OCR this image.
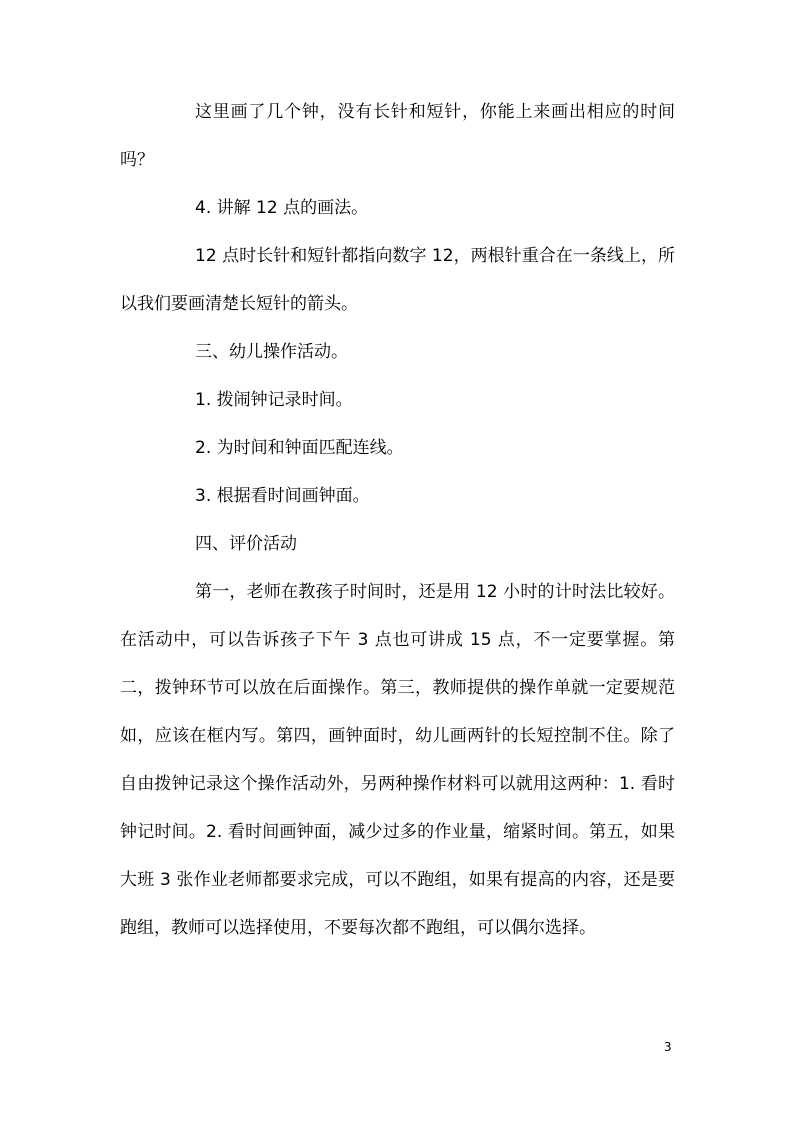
这里画了几个钟，没有长针和短针，你能上来画出相应的时间吗？

4. 讲解 12 点的画法。

12 点时长针和短针都指向数字 12，两根针重合在一条线上，所以我们要画清楚长短针的箭头。

三、幼儿操作活动。

1. 拨闹钟记录时间。

2. 为时间和钟面匹配连线。

3. 根据看时间画钟面。

四、评价活动

第一，老师在教孩子时间时，还是用 12 小时的计时法比较好。在活动中，可以告诉孩子下午 3 点也可讲成 15 点，不一定要掌握。第二，拨钟环节可以放在后面操作。第三，教师提供的操作单就一定要规范如，应该在框内写。第四，画钟面时，幼儿画两针的长短控制不住。除了自由拨钟记录这个操作活动外，另两种操作材料可以就用这两种：1. 看时钟记时间。2. 看时间画钟面，减少过多的作业量，缩紧时间。第五，如果大班 3 张作业老师都要求完成，可以不跑组，如果有提高的内容，还是要跑组，教师可以选择使用，不要每次都不跑组，可以偶尔选择。

3
